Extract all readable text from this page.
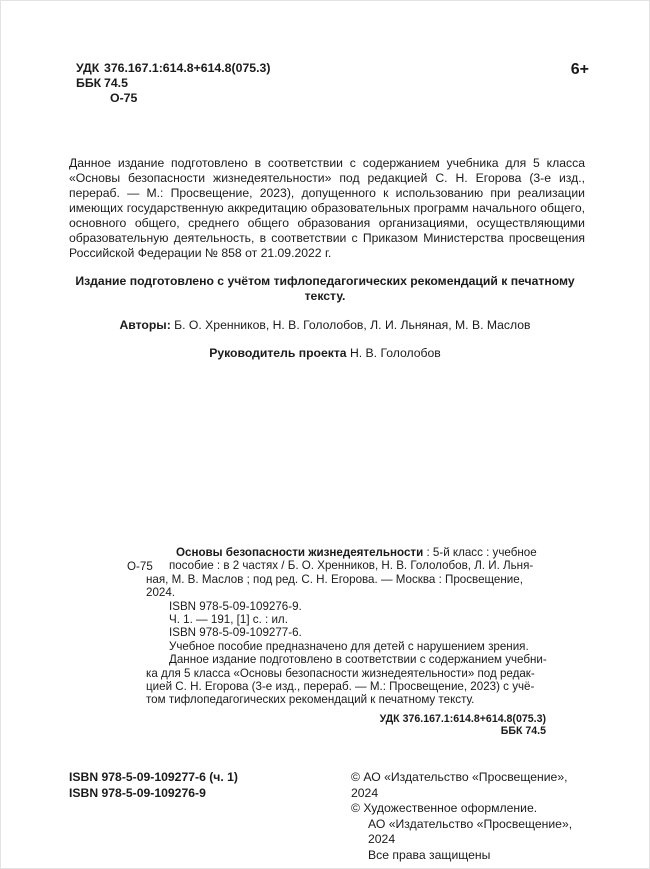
УДК 376.167.1:614.8+614.8(075.3)
ББК 74.5
О-75
6+

Данное издание подготовлено в соответствии с содержанием учебника для 5 класса «Основы безопасности жизнедеятельности» под редакцией С. Н. Егорова (3-е изд., перераб. — М.: Просвещение, 2023), допущенного к использованию при реализации имеющих государственную аккредитацию образовательных программ начального общего, основного общего, среднего общего образования организациями, осуществляющими образовательную деятельность, в соответствии с Приказом Министерства просвещения Российской Федерации № 858 от 21.09.2022 г.

Издание подготовлено с учётом тифлопедагогических рекомендаций к печатному тексту.

Авторы: Б. О. Хренников, Н. В. Гололобов, Л. И. Льняная, М. В. Маслов

Руководитель проекта Н. В. Гололобов

О-75
Основы безопасности жизнедеятельности : 5-й класс : учебное
пособие : в 2 частях / Б. О. Хренников, Н. В. Гололобов, Л. И. Льня-
ная, М. В. Маслов ; под ред. С. Н. Егорова. — Москва : Просвещение,
2024.
ISBN 978-5-09-109276-9.
Ч. 1. — 191, [1] с. : ил.
ISBN 978-5-09-109277-6.
Учебное пособие предназначено для детей с нарушением зрения.
Данное издание подготовлено в соответствии с содержанием учебни-
ка для 5 класса «Основы безопасности жизнедеятельности» под редак-
цией С. Н. Егорова (3-е изд., перераб. — М.: Просвещение, 2023) с учё-
том тифлопедагогических рекомендаций к печатному тексту.
УДК 376.167.1:614.8+614.8(075.3)
ББК 74.5
ISBN 978-5-09-109277-6 (ч. 1)
ISBN 978-5-09-109276-9
© АО «Издательство «Просвещение», 2024
© Художественное оформление.
АО «Издательство «Просвещение», 2024
Все права защищены
